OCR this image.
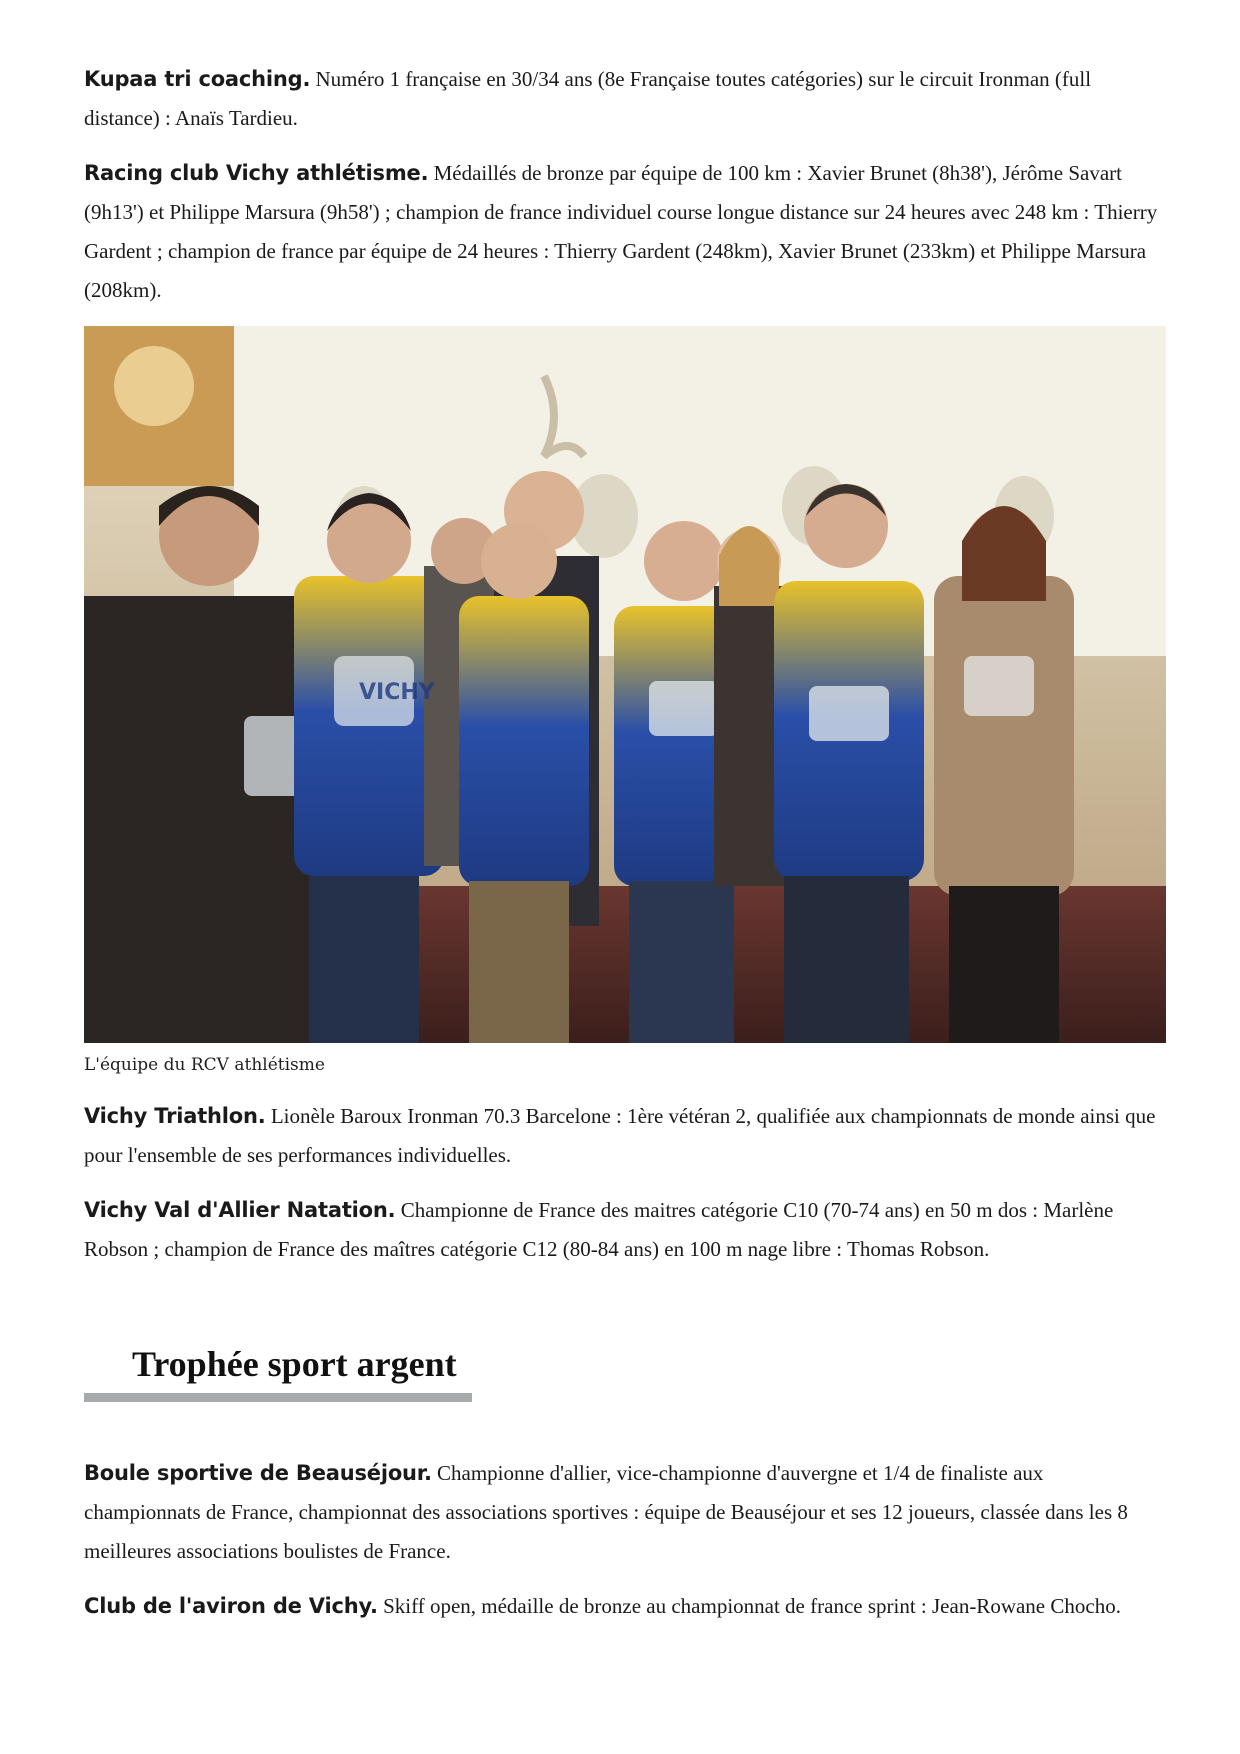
Kupaa tri coaching. Numéro 1 française en 30/34 ans (8e Française toutes catégories) sur le circuit Ironman (full distance) : Anaïs Tardieu.

Racing club Vichy athlétisme. Médaillés de bronze par équipe de 100 km : Xavier Brunet (8h38'), Jérôme Savart (9h13') et Philippe Marsura (9h58') ; champion de france individuel course longue distance sur 24 heures avec 248 km : Thierry Gardent ; champion de france par équipe de 24 heures : Thierry Gardent (248km), Xavier Brunet (233km) et Philippe Marsura (208km).

VICHY

L'équipe du RCV athlétisme

Vichy Triathlon. Lionèle Baroux Ironman 70.3 Barcelone : 1ère vétéran 2, qualifiée aux championnats de monde ainsi que pour l'ensemble de ses performances individuelles.

Vichy Val d'Allier Natation. Championne de France des maitres catégorie C10 (70-74 ans) en 50 m dos : Marlène Robson ; champion de France des maîtres catégorie C12 (80-84 ans) en 100 m nage libre : Thomas Robson.

Trophée sport argent

Boule sportive de Beauséjour. Championne d'allier, vice-championne d'auvergne et 1/4 de finaliste aux championnats de France, championnat des associations sportives : équipe de Beauséjour et ses 12 joueurs, classée dans les 8 meilleures associations boulistes de France.

Club de l'aviron de Vichy. Skiff open, médaille de bronze au championnat de france sprint : Jean-Rowane Chocho.
